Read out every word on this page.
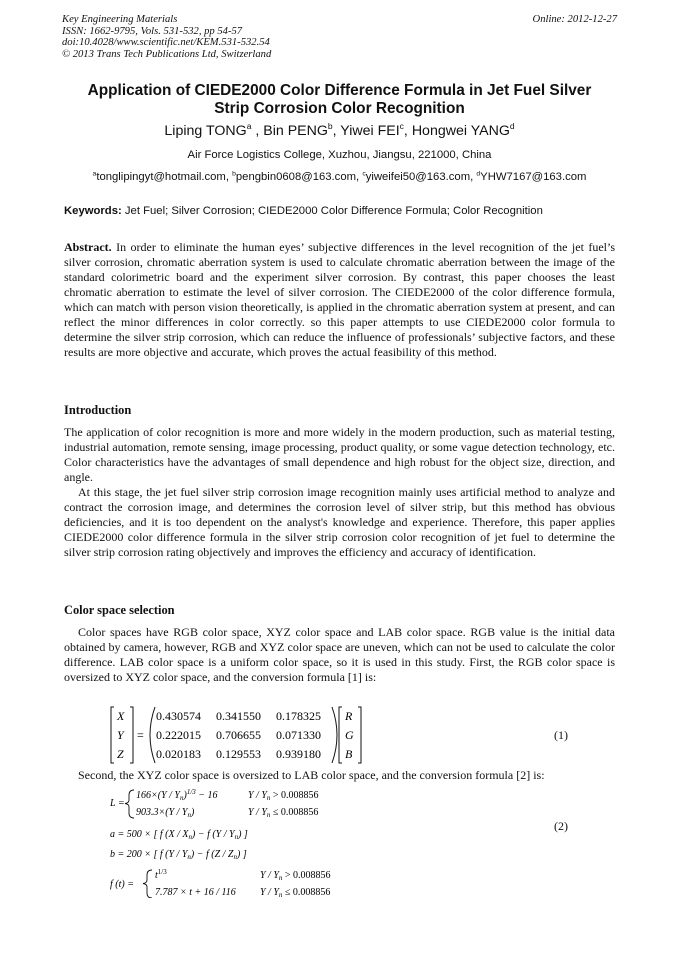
Key Engineering Materials
ISSN: 1662-9795, Vols. 531-532, pp 54-57
doi:10.4028/www.scientific.net/KEM.531-532.54
© 2013 Trans Tech Publications Ltd, Switzerland
Online: 2012-12-27
Application of CIEDE2000 Color Difference Formula in Jet Fuel Silver
Strip Corrosion Color Recognition
Liping TONG$^a$ , Bin PENG$^b$, Yiwei FEI$^c$, Hongwei YANG$^d$
Air Force Logistics College, Xuzhou, Jiangsu, 221000, China
$^a$tonglipingyt@hotmail.com, $^b$pengbin0608@163.com, $^c$yiweifei50@163.com, $^d$YHW7167@163.com
Keywords: Jet Fuel; Silver Corrosion; CIEDE2000 Color Difference Formula; Color Recognition

Abstract. In order to eliminate the human eyes’ subjective differences in the level recognition of the jet fuel’s silver corrosion, chromatic aberration system is used to calculate chromatic aberration between the image of the standard colorimetric board and the experiment silver corrosion. By contrast, this paper chooses the least chromatic aberration to estimate the level of silver corrosion. The CIEDE2000 of the color difference formula, which can match with person vision theoretically, is applied in the chromatic aberration system at present, and can reflect the minor differences in color correctly. so this paper attempts to use CIEDE2000 color formula to determine the silver strip corrosion, which can reduce the influence of professionals’ subjective factors, and these results are more objective and accurate, which proves the actual feasibility of this method.

Introduction

The application of color recognition is more and more widely in the modern production, such as material testing, industrial automation, remote sensing, image processing, product quality, or some vague detection technology, etc. Color characteristics have the advantages of small dependence and high robust for the object size, direction, and angle.

At this stage, the jet fuel silver strip corrosion image recognition mainly uses artificial method to analyze and contract the corrosion image, and determines the corrosion level of silver strip, but this method has obvious deficiencies, and it is too dependent on the analyst's knowledge and experience. Therefore, this paper applies CIEDE2000 color difference formula in the silver strip corrosion color recognition of jet fuel to determine the silver strip corrosion rating objectively and improves the efficiency and accuracy of identification.

Color space selection

Color spaces have RGB color space, XYZ color space and LAB color space. RGB value is the initial data obtained by camera, however, RGB and XYZ color space are uneven, which can not be used to calculate the color difference. LAB color space is a uniform color space, so it is used in this study. First, the RGB color space is oversized to XYZ color space, and the conversion formula [1] is:

X
Y
Z
=
0.430574 0.341550 0.178325
0.222015 0.706655 0.071330
0.020183 0.129553 0.939180
R
G
B
(1)

Second, the XYZ color space is oversized to LAB color space, and the conversion formula [2] is:

L =
$166\times(Y / Y_n)^{1/3} - 16$	$Y / Y_n > 0.008856$
$903.3\times(Y / Y_n)$	$Y / Y_n \le 0.008856$
a = 500 × [ f $(X / X_n) - f$ $(Y / Y_n)$ ]
b = 200 × [ f $(Y / Y_n) - f$ $(Z / Z_n)$ ]
f (t) =
$t^{1/3}$	$Y / Y_n > 0.008856$
7.787 × t + 16 / 116 $Y / Y_n \le 0.008856$
(2)
